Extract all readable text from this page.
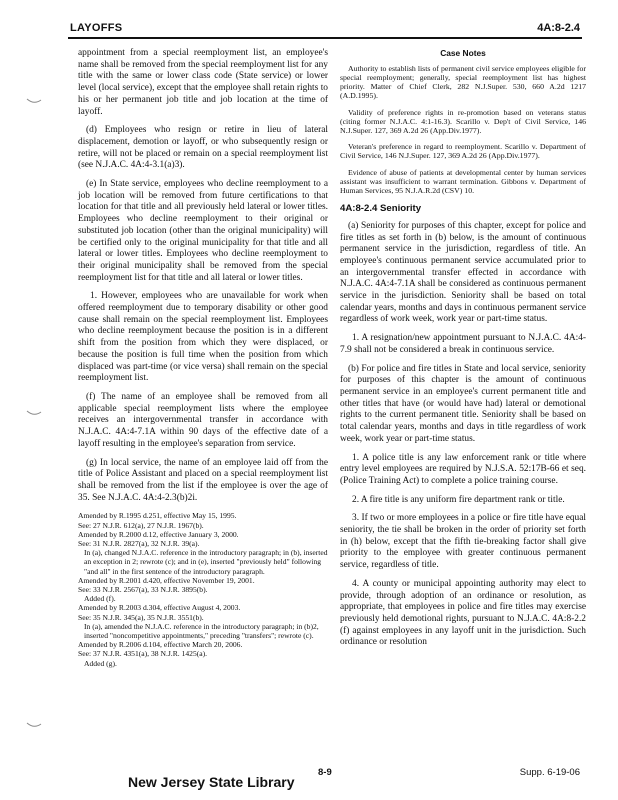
LAYOFFS	4A:8-2.4

appointment from a special reemployment list, an employee's name shall be removed from the special reemployment list for any title with the same or lower class code (State service) or lower level (local service), except that the employee shall retain rights to his or her permanent job title and job location at the time of layoff.

(d) Employees who resign or retire in lieu of lateral displacement, demotion or layoff, or who subsequently resign or retire, will not be placed or remain on a special reemployment list (see N.J.A.C. 4A:4-3.1(a)3).

(e) In State service, employees who decline reemployment to a job location will be removed from future certifications to that location for that title and all previously held lateral or lower titles. Employees who decline reemployment to their original or substituted job location (other than the original municipality) will be certified only to the original municipality for that title and all lateral or lower titles. Employees who decline reemployment to their original municipality shall be removed from the special reemployment list for that title and all lateral or lower titles.

1. However, employees who are unavailable for work when offered reemployment due to temporary disability or other good cause shall remain on the special reemployment list. Employees who decline reemployment because the position is in a different shift from the position from which they were displaced, or because the position is full time when the position from which displaced was part-time (or vice versa) shall remain on the special reemployment list.

(f) The name of an employee shall be removed from all applicable special reemployment lists where the employee receives an intergovernmental transfer in accordance with N.J.A.C. 4A:4-7.1A within 90 days of the effective date of a layoff resulting in the employee's separation from service.

(g) In local service, the name of an employee laid off from the title of Police Assistant and placed on a special reemployment list shall be removed from the list if the employee is over the age of 35. See N.J.A.C. 4A:4-2.3(b)2i.

Amended by R.1995 d.251, effective May 15, 1995.
See: 27 N.J.R. 612(a), 27 N.J.R. 1967(b).
Amended by R.2000 d.12, effective January 3, 2000.
See: 31 N.J.R. 2827(a), 32 N.J.R. 39(a).
In (a), changed N.J.A.C. reference in the introductory paragraph; in (b), inserted an exception in 2; rewrote (c); and in (e), inserted "previously held" following "and all" in the first sentence of the introductory paragraph.
Amended by R.2001 d.420, effective November 19, 2001.
See: 33 N.J.R. 2567(a), 33 N.J.R. 3895(b).
Added (f).
Amended by R.2003 d.304, effective August 4, 2003.
See: 35 N.J.R. 345(a), 35 N.J.R. 3551(b).
In (a), amended the N.J.A.C. reference in the introductory paragraph; in (b)2, inserted "noncompetitive appointments," preceding "transfers"; rewrote (c).
Amended by R.2006 d.104, effective March 20, 2006.
See: 37 N.J.R. 4351(a), 38 N.J.R. 1425(a).
Added (g).
Case Notes

Authority to establish lists of permanent civil service employees eligible for special reemployment; generally, special reemployment list has highest priority. Matter of Chief Clerk, 282 N.J.Super. 530, 660 A.2d 1217 (A.D.1995).

Validity of preference rights in re-promotion based on veterans status (citing former N.J.A.C. 4:1-16.3). Scarillo v. Dep't of Civil Service, 146 N.J.Super. 127, 369 A.2d 26 (App.Div.1977).

Veteran's preference in regard to reemployment. Scarillo v. Department of Civil Service, 146 N.J.Super. 127, 369 A.2d 26 (App.Div.1977).

Evidence of abuse of patients at developmental center by human services assistant was insufficient to warrant termination. Gibbons v. Department of Human Services, 95 N.J.A.R.2d (CSV) 10.

4A:8-2.4 Seniority

(a) Seniority for purposes of this chapter, except for police and fire titles as set forth in (b) below, is the amount of continuous permanent service in the jurisdiction, regardless of title. An employee's continuous permanent service accumulated prior to an intergovernmental transfer effected in accordance with N.J.A.C. 4A:4-7.1A shall be considered as continuous permanent service in the jurisdiction. Seniority shall be based on total calendar years, months and days in continuous permanent service regardless of work week, work year or part-time status.

1. A resignation/new appointment pursuant to N.J.A.C. 4A:4-7.9 shall not be considered a break in continuous service.

(b) For police and fire titles in State and local service, seniority for purposes of this chapter is the amount of continuous permanent service in an employee's current permanent title and other titles that have (or would have had) lateral or demotional rights to the current permanent title. Seniority shall be based on total calendar years, months and days in title regardless of work week, work year or part-time status.

1. A police title is any law enforcement rank or title where entry level employees are required by N.J.S.A. 52:17B-66 et seq. (Police Training Act) to complete a police training course.

2. A fire title is any uniform fire department rank or title.

3. If two or more employees in a police or fire title have equal seniority, the tie shall be broken in the order of priority set forth in (h) below, except that the fifth tie-breaking factor shall give priority to the employee with greater continuous permanent service, regardless of title.

4. A county or municipal appointing authority may elect to provide, through adoption of an ordinance or resolution, as appropriate, that employees in police and fire titles may exercise previously held demotional rights, pursuant to N.J.A.C. 4A:8-2.2 (f) against employees in any layoff unit in the jurisdiction. Such ordinance or resolution

New Jersey State Library
8-9	Supp. 6-19-06
